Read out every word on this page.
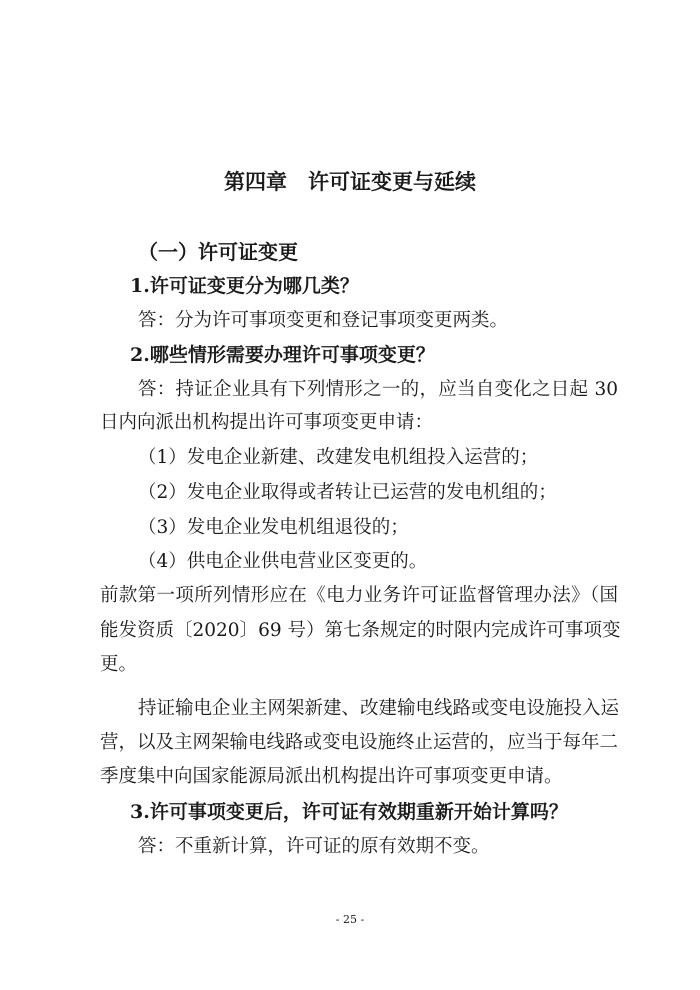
第四章　许可证变更与延续
（一）许可证变更

1.许可证变更分为哪几类？

答：分为许可事项变更和登记事项变更两类。

2.哪些情形需要办理许可事项变更？

答：持证企业具有下列情形之一的，应当自变化之日起 30

日内向派出机构提出许可事项变更申请：

（1）发电企业新建、改建发电机组投入运营的；

（2）发电企业取得或者转让已运营的发电机组的；

（3）发电企业发电机组退役的；

（4）供电企业供电营业区变更的。

前款第一项所列情形应在《电力业务许可证监督管理办法》（国

能发资质〔2020〕69 号）第七条规定的时限内完成许可事项变

更。

持证输电企业主网架新建、改建输电线路或变电设施投入运

营，以及主网架输电线路或变电设施终止运营的，应当于每年二

季度集中向国家能源局派出机构提出许可事项变更申请。

3.许可事项变更后，许可证有效期重新开始计算吗？

答：不重新计算，许可证的原有效期不变。

- 25 -
